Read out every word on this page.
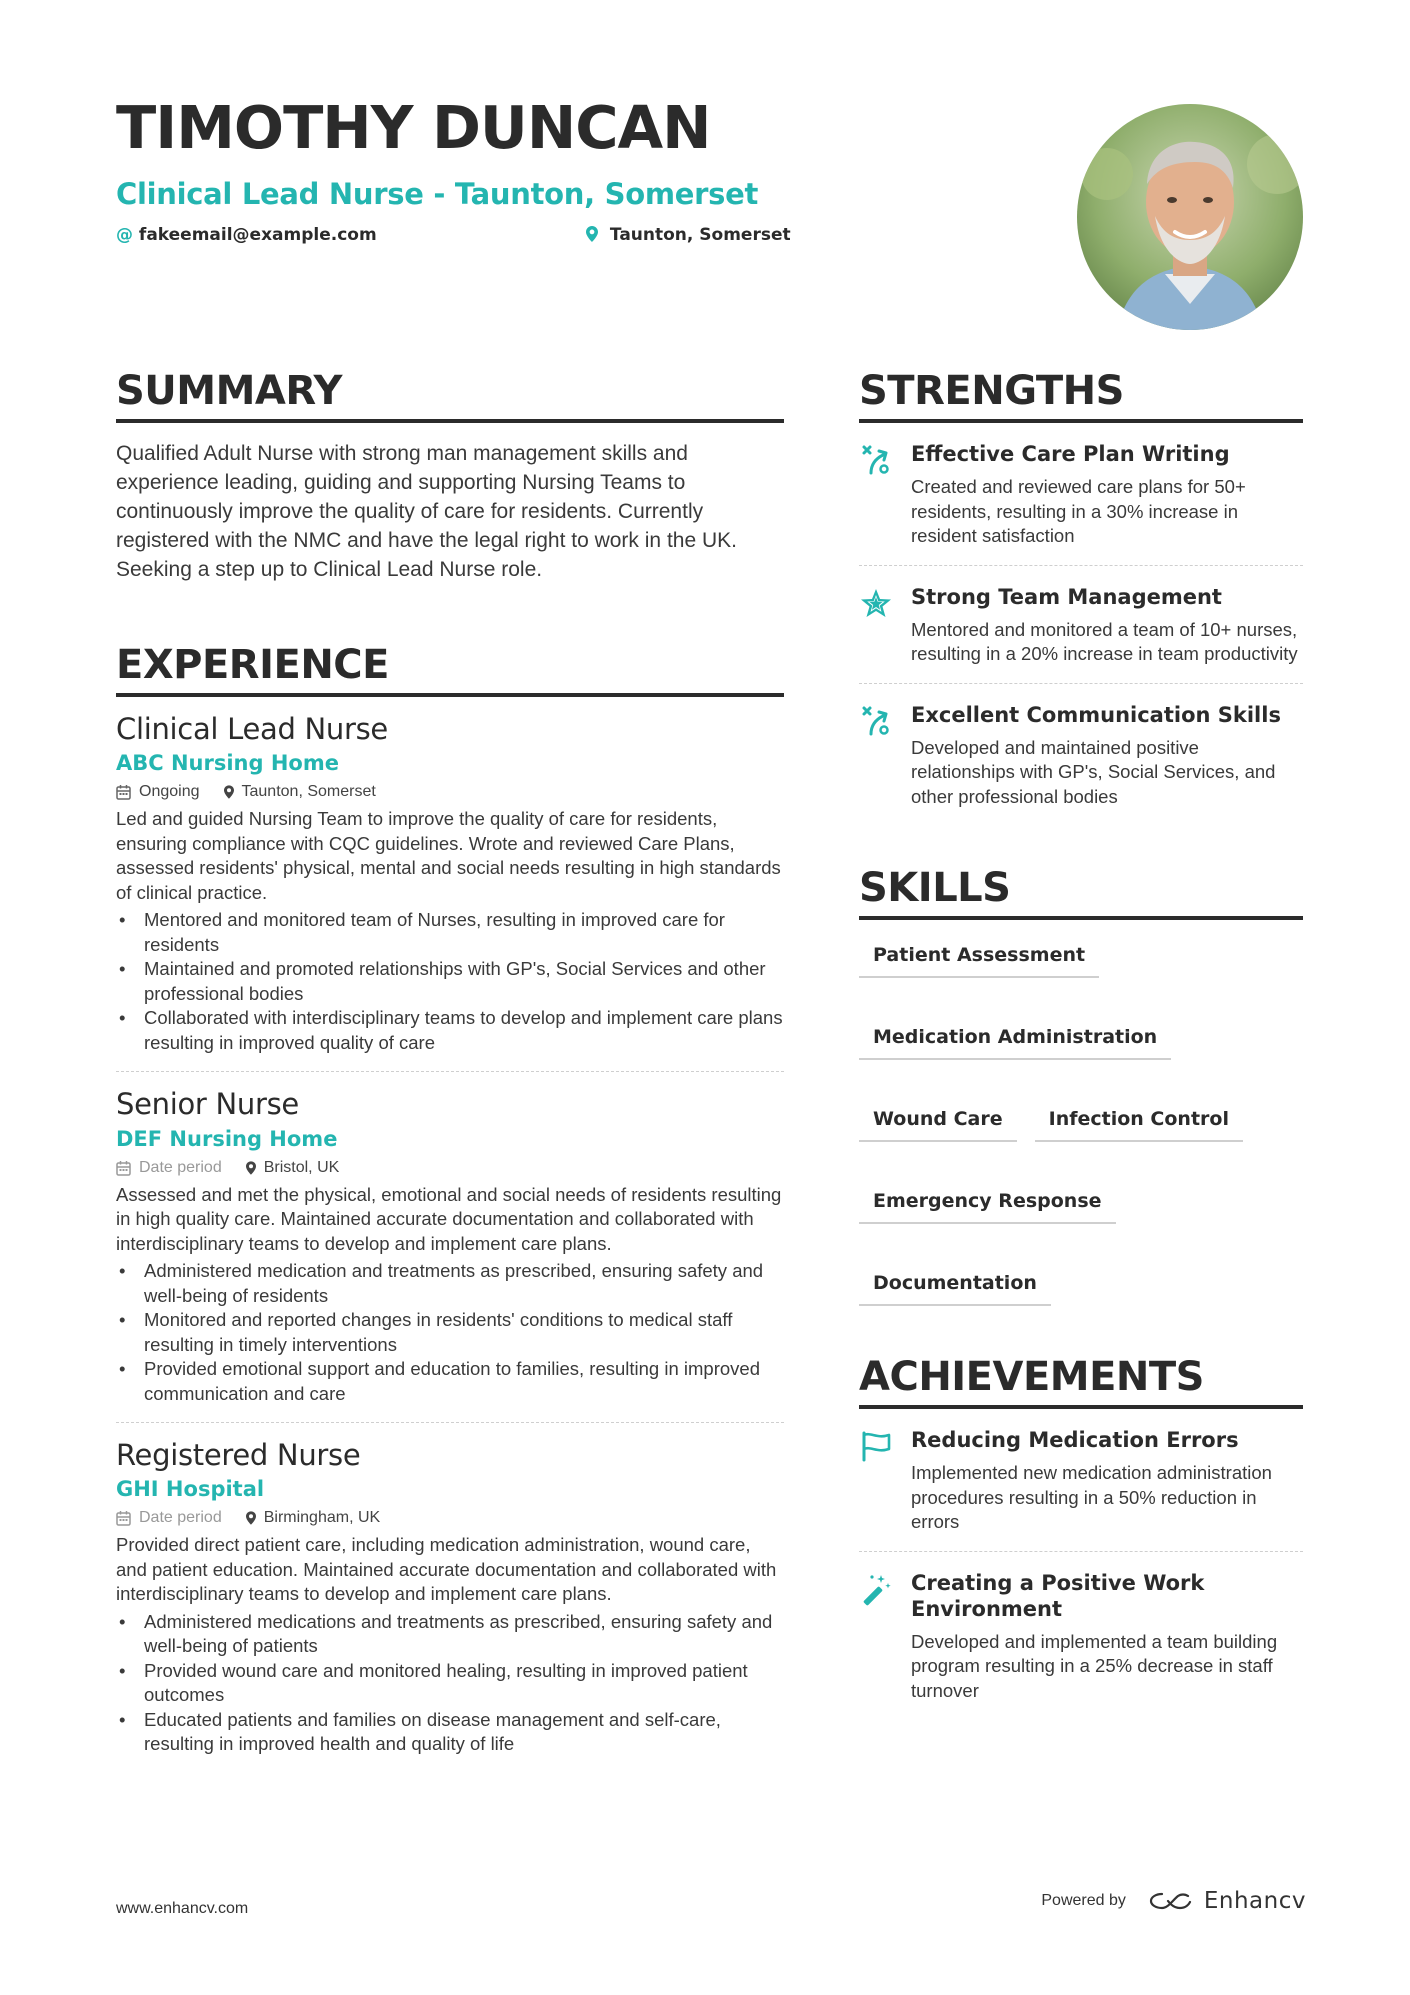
TIMOTHY DUNCAN
Clinical Lead Nurse - Taunton, Somerset
@ fakeemail@example.com	Taunton, Somerset
SUMMARY

Qualified Adult Nurse with strong man management skills and experience leading, guiding and supporting Nursing Teams to continuously improve the quality of care for residents. Currently registered with the NMC and have the legal right to work in the UK. Seeking a step up to Clinical Lead Nurse role.

EXPERIENCE
Clinical Lead Nurse
ABC Nursing Home
Ongoing	Taunton, Somerset

Led and guided Nursing Team to improve the quality of care for residents, ensuring compliance with CQC guidelines. Wrote and reviewed Care Plans, assessed residents' physical, mental and social needs resulting in high standards of clinical practice.

• Mentored and monitored team of Nurses, resulting in improved care for residents
• Maintained and promoted relationships with GP's, Social Services and other professional bodies
• Collaborated with interdisciplinary teams to develop and implement care plans resulting in improved quality of care
Senior Nurse
DEF Nursing Home
Date period	Bristol, UK

Assessed and met the physical, emotional and social needs of residents resulting in high quality care. Maintained accurate documentation and collaborated with interdisciplinary teams to develop and implement care plans.

• Administered medication and treatments as prescribed, ensuring safety and well-being of residents
• Monitored and reported changes in residents' conditions to medical staff resulting in timely interventions
• Provided emotional support and education to families, resulting in improved communication and care
Registered Nurse
GHI Hospital
Date period	Birmingham, UK

Provided direct patient care, including medication administration, wound care, and patient education. Maintained accurate documentation and collaborated with interdisciplinary teams to develop and implement care plans.

• Administered medications and treatments as prescribed, ensuring safety and well-being of patients
• Provided wound care and monitored healing, resulting in improved patient outcomes
• Educated patients and families on disease management and self-care, resulting in improved health and quality of life
STRENGTHS
Effective Care Plan Writing
Created and reviewed care plans for 50+ residents, resulting in a 30% increase in resident satisfaction
Strong Team Management
Mentored and monitored a team of 10+ nurses, resulting in a 20% increase in team productivity
Excellent Communication Skills
Developed and maintained positive relationships with GP's, Social Services, and other professional bodies
SKILLS
Patient Assessment
Medication Administration
Wound Care	Infection Control
Emergency Response
Documentation
ACHIEVEMENTS
Reducing Medication Errors
Implemented new medication administration procedures resulting in a 50% reduction in errors
Creating a Positive Work Environment
Developed and implemented a team building program resulting in a 25% decrease in staff turnover
www.enhancv.com	Powered by	Enhancv
